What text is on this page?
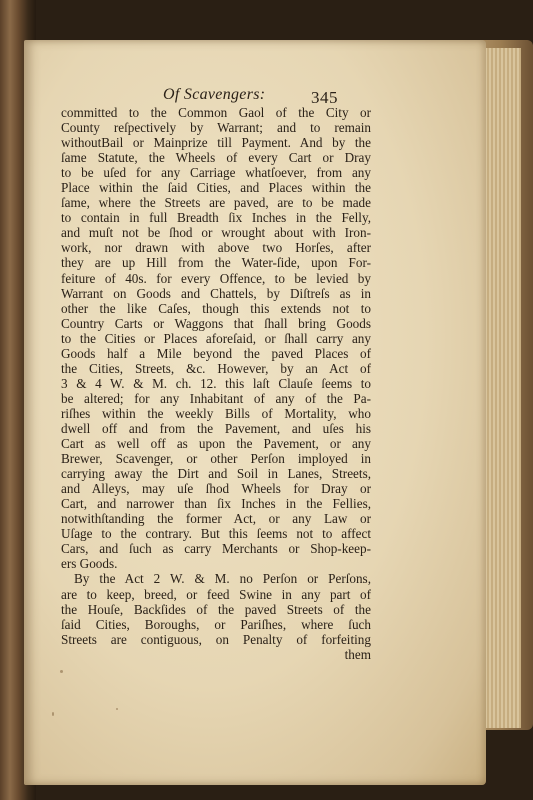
Of Scavengers:	345
committed to the Common Gaol of the City or
County reſpectively by Warrant; and to remain
withoutBail or Mainprize till Payment. And by the
ſame Statute, the Wheels of every Cart or Dray
to be uſed for any Carriage whatſoever, from any
Place within the ſaid Cities, and Places within the
ſame, where the Streets are paved, are to be made
to contain in full Breadth ſix Inches in the Felly,
and muſt not be ſhod or wrought about with Iron-
work, nor drawn with above two Horſes, after
they are up Hill from the Water-ſide, upon For-
feiture of 40s. for every Offence, to be levied by
Warrant on Goods and Chattels, by Diſtreſs as in
other the like Caſes, though this extends not to
Country Carts or Waggons that ſhall bring Goods
to the Cities or Places aforeſaid, or ſhall carry any
Goods half a Mile beyond the paved Places of
the Cities, Streets, &c. However, by an Act of
3 & 4 W. & M. ch. 12. this laſt Clauſe ſeems to
be altered; for any Inhabitant of any of the Pa-
riſhes within the weekly Bills of Mortality, who
dwell off and from the Pavement, and uſes his
Cart as well off as upon the Pavement, or any
Brewer, Scavenger, or other Perſon imployed in
carrying away the Dirt and Soil in Lanes, Streets,
and Alleys, may uſe ſhod Wheels for Dray or
Cart, and narrower than ſix Inches in the Fellies,
notwithſtanding the former Act, or any Law or
Uſage to the contrary. But this ſeems not to affect
Cars, and ſuch as carry Merchants or Shop-keep-
ers Goods.
By the Act 2 W. & M. no Perſon or Perſons,
are to keep, breed, or feed Swine in any part of
the Houſe, Backſides of the paved Streets of the
ſaid Cities, Boroughs, or Pariſhes, where ſuch
Streets are contiguous, on Penalty of forfeiting
them
